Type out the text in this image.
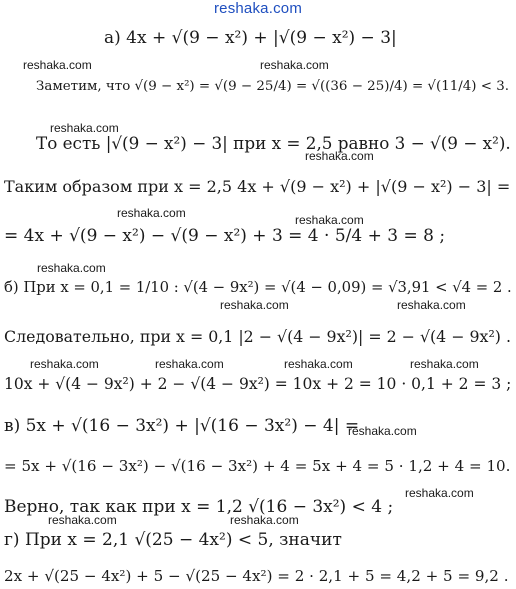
reshaka.com
а) 4x + √(9 − x²) + |√(9 − x²) − 3|
Заметим, что √(9 − x²) = √(9 − 25/4) = √((36 − 25)/4) = √(11/4) < 3.
То есть |√(9 − x²) − 3| при x = 2,5 равно 3 − √(9 − x²).
Таким образом при x = 2,5 4x + √(9 − x²) + |√(9 − x²) − 3| =
= 4x + √(9 − x²) − √(9 − x²) + 3 = 4 · 5/4 + 3 = 8 ;
б) При x = 0,1 = 1/10 : √(4 − 9x²) = √(4 − 0,09) = √3,91 < √4 = 2 .
Следовательно, при x = 0,1 |2 − √(4 − 9x²)| = 2 − √(4 − 9x²) .
10x + √(4 − 9x²) + 2 − √(4 − 9x²) = 10x + 2 = 10 · 0,1 + 2 = 3 ;
в) 5x + √(16 − 3x²) + |√(16 − 3x²) − 4| =
= 5x + √(16 − 3x²) − √(16 − 3x²) + 4 = 5x + 4 = 5 · 1,2 + 4 = 10.
Верно, так как при x = 1,2 √(16 − 3x²) < 4 ;
г) При x = 2,1 √(25 − 4x²) < 5, значит
2x + √(25 − 4x²) + 5 − √(25 − 4x²) = 2 · 2,1 + 5 = 4,2 + 5 = 9,2 .
reshaka.com	reshaka.com
reshaka.com
reshaka.com
reshaka.com	reshaka.com
reshaka.com
reshaka.com	reshaka.com
reshaka.com	reshaka.com	reshaka.com	reshaka.com
reshaka.com
reshaka.com
reshaka.com	reshaka.com
